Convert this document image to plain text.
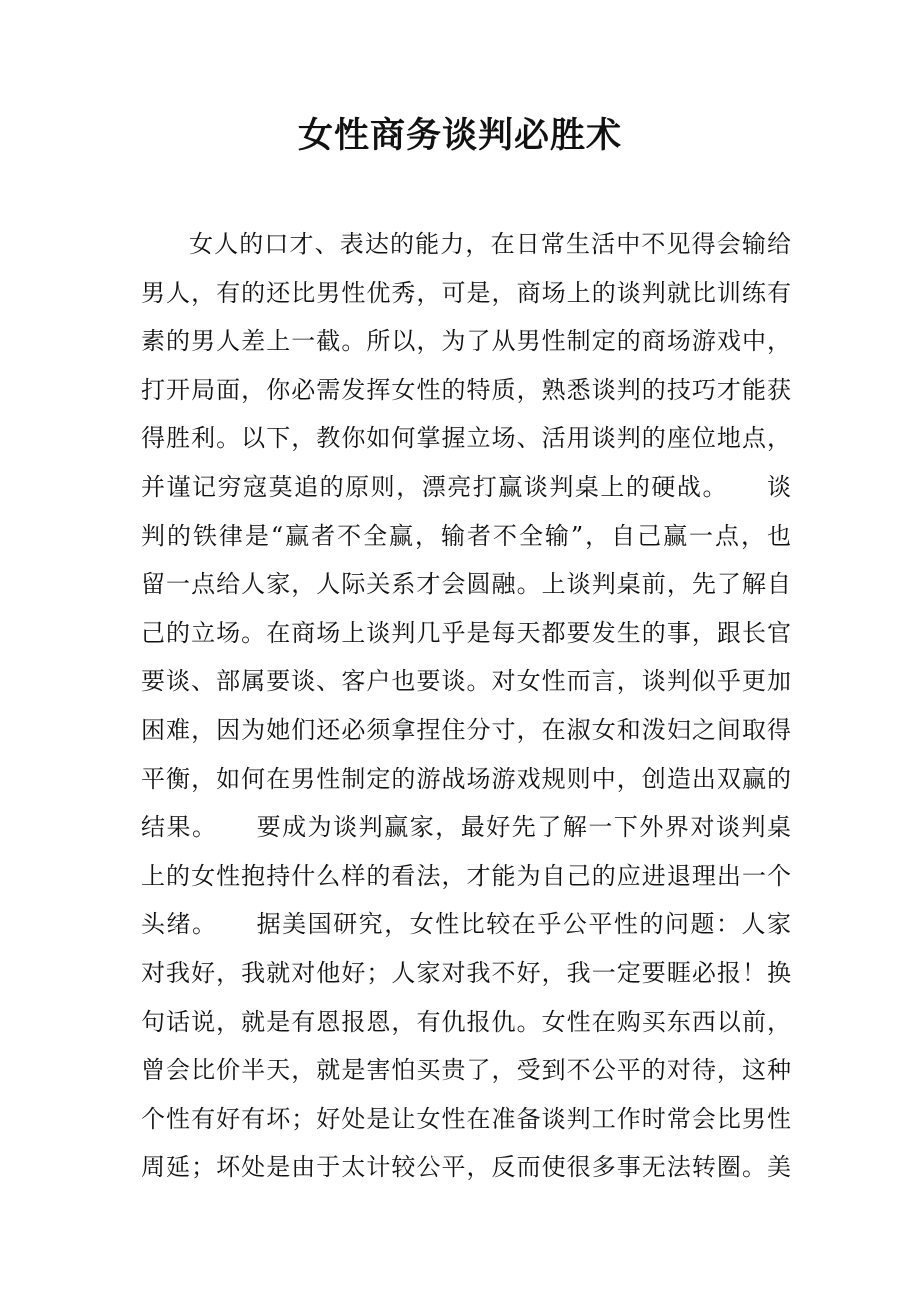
女性商务谈判必胜术
女人的口才、表达的能力，在日常生活中不见得会输给
男人，有的还比男性优秀，可是，商场上的谈判就比训练有
素的男人差上一截。所以，为了从男性制定的商场游戏中，
打开局面，你必需发挥女性的特质，熟悉谈判的技巧才能获
得胜利。以下，教你如何掌握立场、活用谈判的座位地点，
并谨记穷寇莫追的原则，漂亮打赢谈判桌上的硬战。　　谈
判的铁律是“赢者不全赢，输者不全输”，自己赢一点，也
留一点给人家，人际关系才会圆融。上谈判桌前，先了解自
己的立场。在商场上谈判几乎是每天都要发生的事，跟长官
要谈、部属要谈、客户也要谈。对女性而言，谈判似乎更加
困难，因为她们还必须拿捏住分寸，在淑女和泼妇之间取得
平衡，如何在男性制定的游战场游戏规则中，创造出双赢的
结果。　　要成为谈判赢家，最好先了解一下外界对谈判桌
上的女性抱持什么样的看法，才能为自己的应进退理出一个
头绪。　　据美国研究，女性比较在乎公平性的问题：人家
对我好，我就对他好；人家对我不好，我一定要睚必报！换
句话说，就是有恩报恩，有仇报仇。女性在购买东西以前，
曾会比价半天，就是害怕买贵了，受到不公平的对待，这种
个性有好有坏；好处是让女性在准备谈判工作时常会比男性
周延；坏处是由于太计较公平，反而使很多事无法转圈。美
